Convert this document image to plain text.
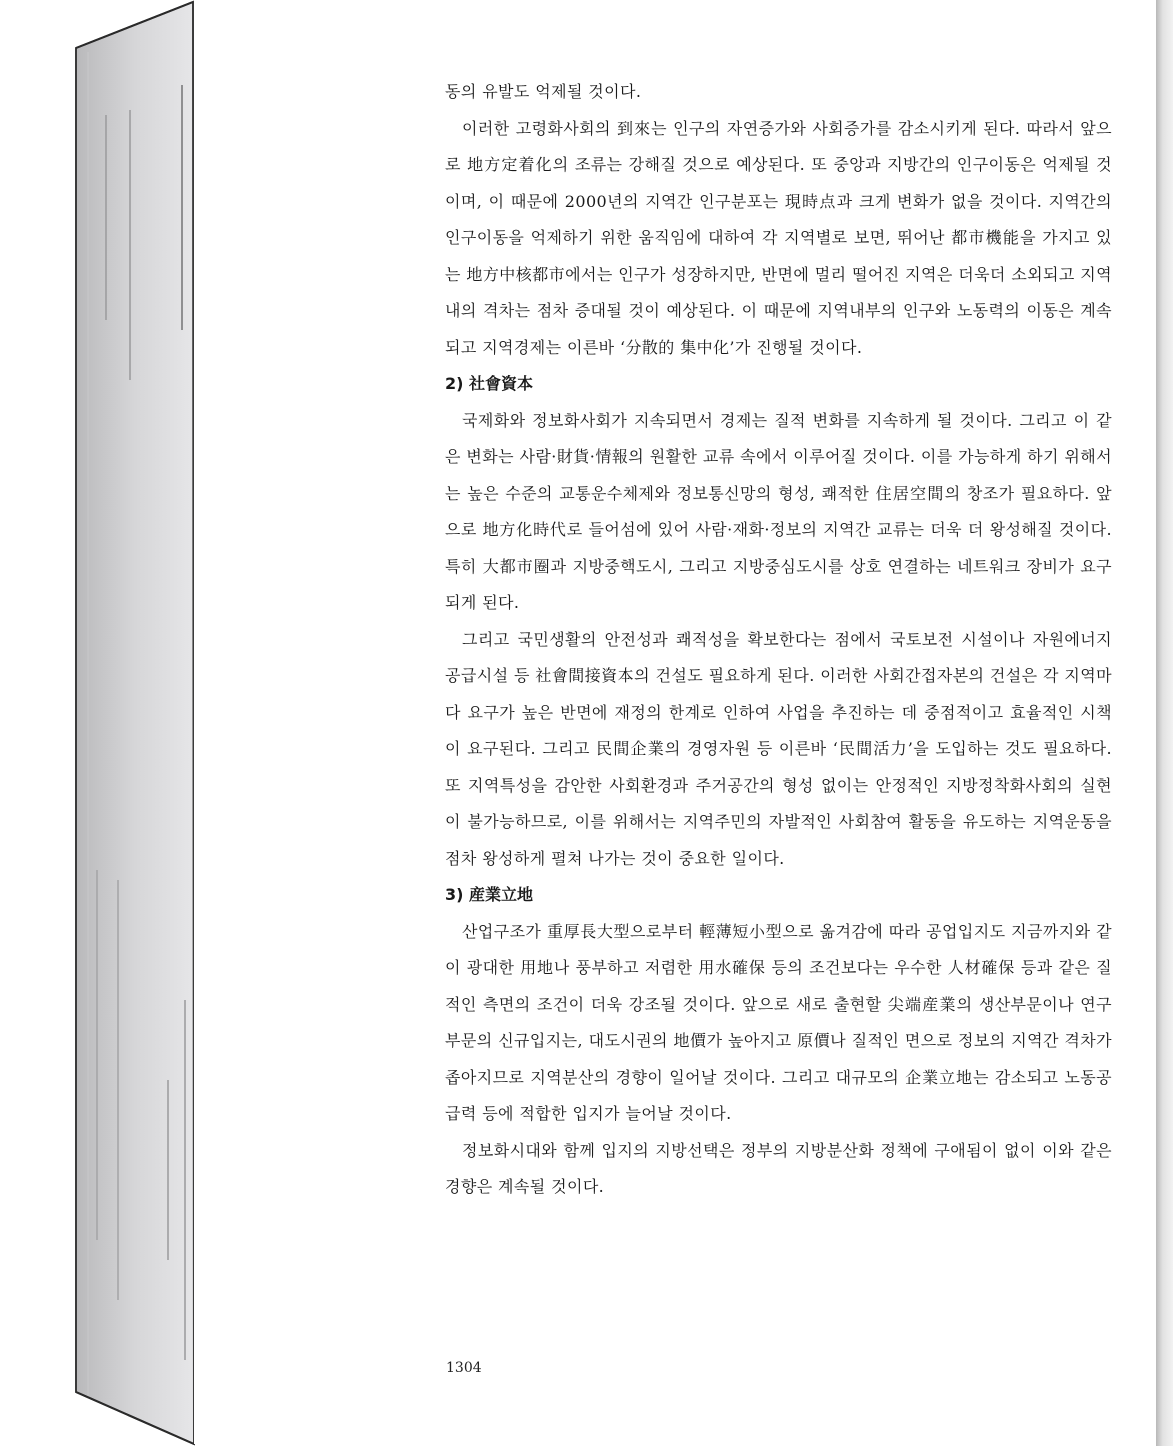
동의 유발도 억제될 것이다.

이러한 고령화사회의 到來는 인구의 자연증가와 사회증가를 감소시키게 된다. 따라서 앞으로 地方定着化의 조류는 강해질 것으로 예상된다. 또 중앙과 지방간의 인구이동은 억제될 것이며, 이 때문에 2000년의 지역간 인구분포는 現時点과 크게 변화가 없을 것이다. 지역간의 인구이동을 억제하기 위한 움직임에 대하여 각 지역별로 보면, 뛰어난 都市機能을 가지고 있는 地方中核都市에서는 인구가 성장하지만, 반면에 멀리 떨어진 지역은 더욱더 소외되고 지역내의 격차는 점차 증대될 것이 예상된다. 이 때문에 지역내부의 인구와 노동력의 이동은 계속되고 지역경제는 이른바 ‘分散的 集中化’가 진행될 것이다.

2) 社會資本

국제화와 정보화사회가 지속되면서 경제는 질적 변화를 지속하게 될 것이다. 그리고 이 같은 변화는 사람·財貨·情報의 원활한 교류 속에서 이루어질 것이다. 이를 가능하게 하기 위해서는 높은 수준의 교통운수체제와 정보통신망의 형성, 쾌적한 住居空間의 창조가 필요하다. 앞으로 地方化時代로 들어섬에 있어 사람·재화·정보의 지역간 교류는 더욱 더 왕성해질 것이다. 특히 大都市圈과 지방중핵도시, 그리고 지방중심도시를 상호 연결하는 네트워크 장비가 요구되게 된다.

그리고 국민생활의 안전성과 쾌적성을 확보한다는 점에서 국토보전 시설이나 자원에너지 공급시설 등 社會間接資本의 건설도 필요하게 된다. 이러한 사회간접자본의 건설은 각 지역마다 요구가 높은 반면에 재정의 한계로 인하여 사업을 추진하는 데 중점적이고 효율적인 시책이 요구된다. 그리고 民間企業의 경영자원 등 이른바 ‘民間活力’을 도입하는 것도 필요하다. 또 지역특성을 감안한 사회환경과 주거공간의 형성 없이는 안정적인 지방정착화사회의 실현이 불가능하므로, 이를 위해서는 지역주민의 자발적인 사회참여 활동을 유도하는 지역운동을 점차 왕성하게 펼쳐 나가는 것이 중요한 일이다.

3) 産業立地

산업구조가 重厚長大型으로부터 輕薄短小型으로 옮겨감에 따라 공업입지도 지금까지와 같이 광대한 用地나 풍부하고 저렴한 用水確保 등의 조건보다는 우수한 人材確保 등과 같은 질적인 측면의 조건이 더욱 강조될 것이다. 앞으로 새로 출현할 尖端産業의 생산부문이나 연구부문의 신규입지는, 대도시권의 地價가 높아지고 原價나 질적인 면으로 정보의 지역간 격차가 좁아지므로 지역분산의 경향이 일어날 것이다. 그리고 대규모의 企業立地는 감소되고 노동공급력 등에 적합한 입지가 늘어날 것이다.

정보화시대와 함께 입지의 지방선택은 정부의 지방분산화 정책에 구애됨이 없이 이와 같은 경향은 계속될 것이다.

1304
